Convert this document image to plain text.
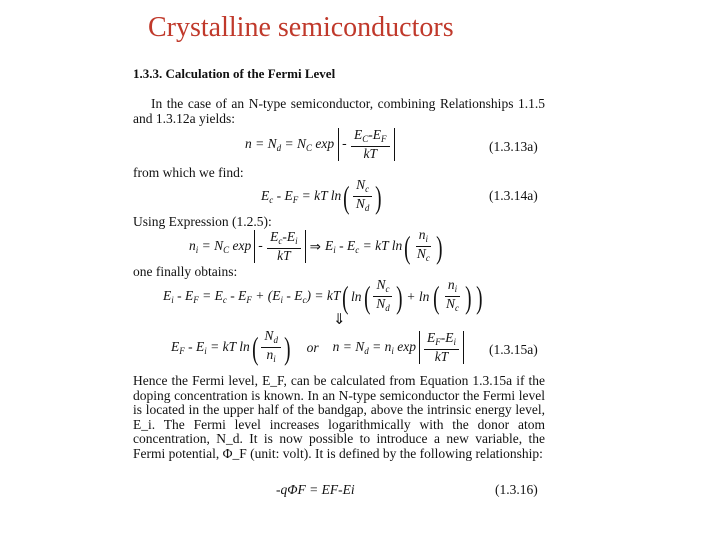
Crystalline semiconductors
1.3.3. Calculation of the Fermi Level
In the case of an N-type semiconductor, combining Relationships 1.1.5 and 1.3.12a yields:
$n = N_d = N_C$ exp - $\frac{E_C-E_F}{kT}$	(1.3.13a)
from which we find:
$E_c - E_F$ = kT ln ( $\frac{N_c}{N_d}$ )	(1.3.14a)
Using Expression (1.2.5):
$n_i = N_C$ exp - $\frac{E_c-E_i}{kT}$ ⇒ $E_i - E_c$ = kT ln ( $\frac{n_i}{N_c}$ )
one finally obtains:
$E_i - E_F = E_c - E_F + (E_i - E_c)$ = kT ( ln ( $\frac{N_c}{N_d}$ ) + ln ( $\frac{n_i}{N_c}$ ) )
⇓
$E_F - E_i$ = kT ln ( $\frac{N_d}{n_i}$ ) or $n = N_d = n_i$ $\exp \frac{E_F-E_i}{kT} (1.3.15a)$
Hence the Fermi level, E_F, can be calculated from Equation 1.3.15a if the doping concentration is known. In an N-type semiconductor the Fermi level is located in the upper half of the bandgap, above the intrinsic energy level, E_i. The Fermi level increases logarithmically with the donor atom concentration, N_d. It is now possible to introduce a new variable, the Fermi potential, Φ_F (unit: volt). It is defined by the following relationship:
-qΦF = EF-Ei	(1.3.16)
